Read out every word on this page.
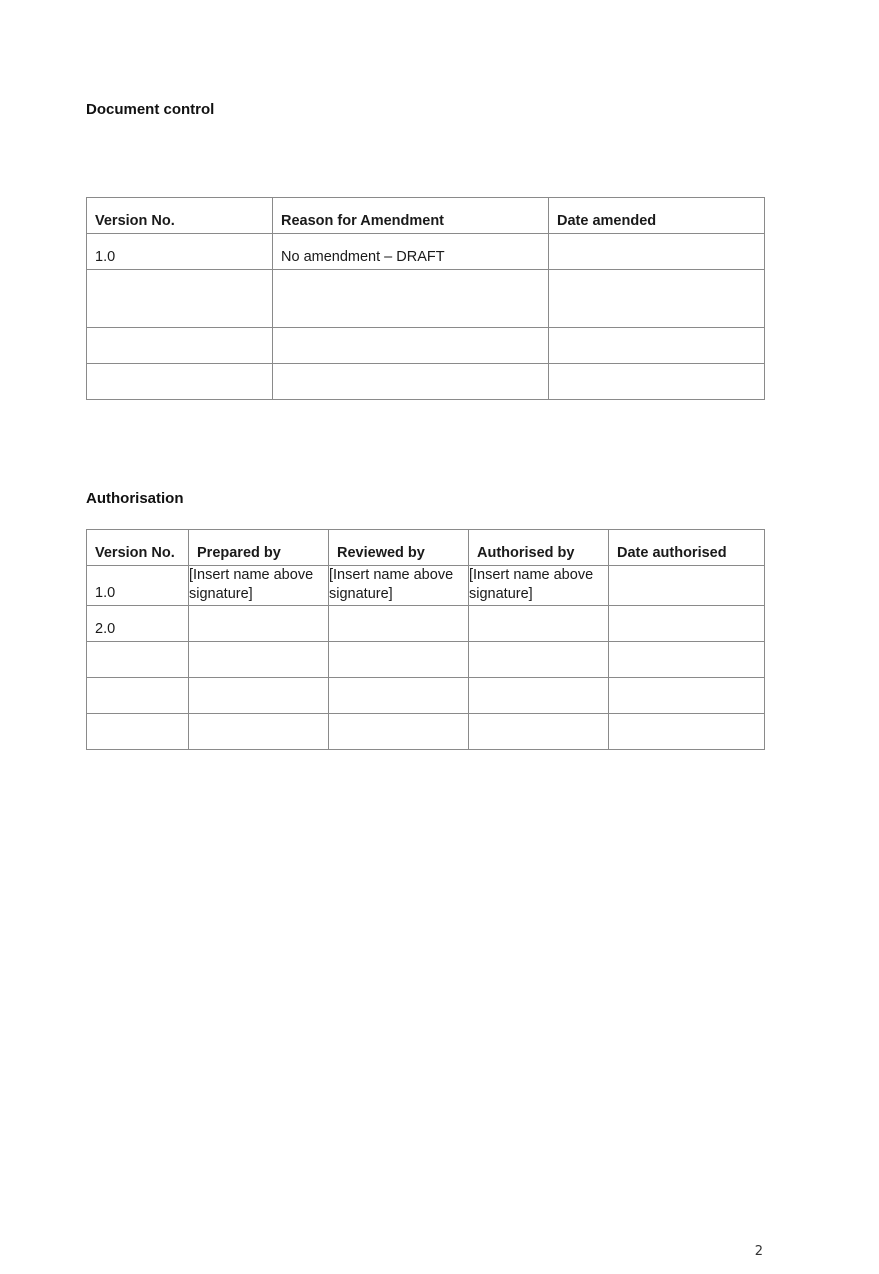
Document control
Version No.	Reason for Amendment	Date amended
1.0	No amendment – DRAFT	

Authorisation
Version No.	Prepared by	Reviewed by	Authorised by	Date authorised
1.0	[Insert name above signature]	[Insert name above signature]	[Insert name above signature]	
2.0				

2
